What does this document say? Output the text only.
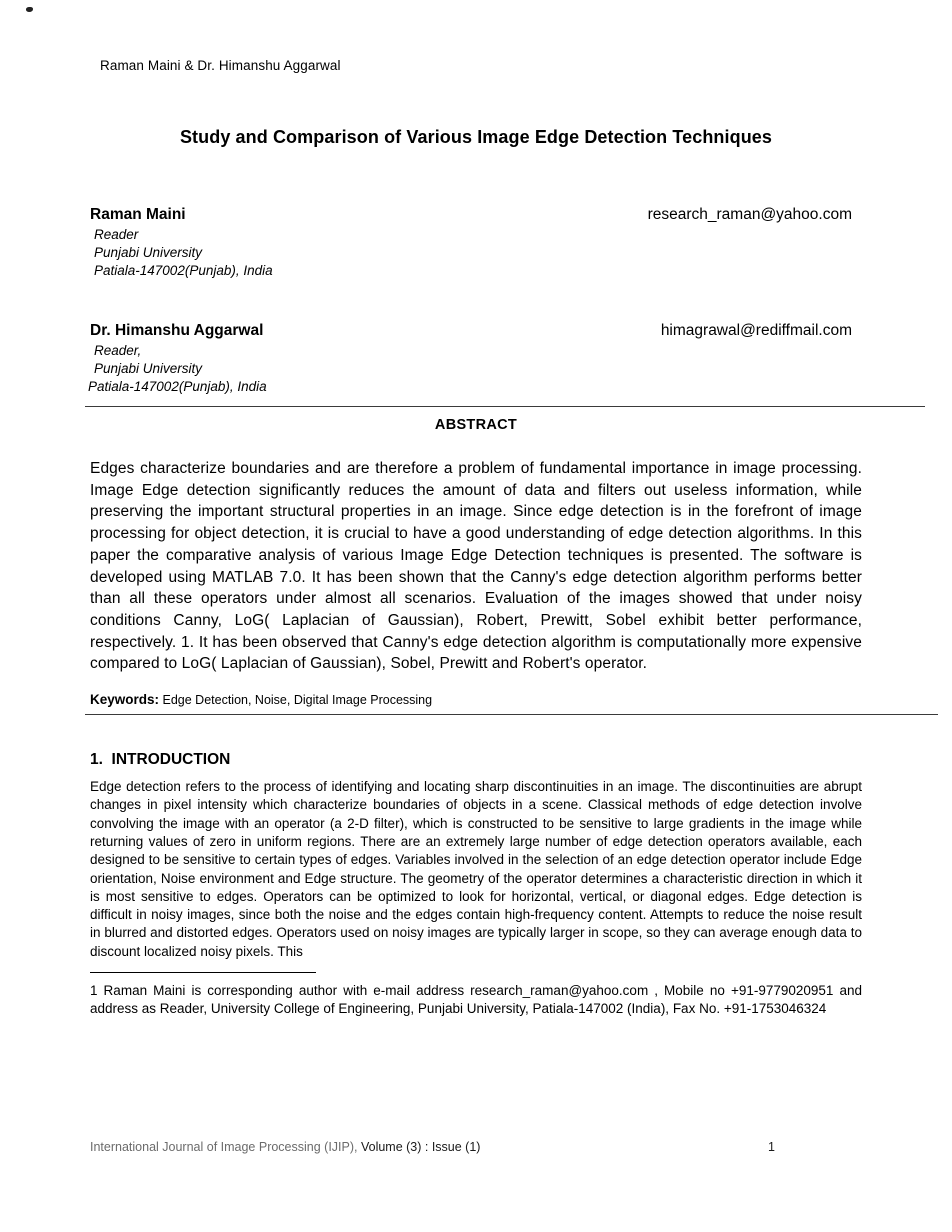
Raman Maini & Dr. Himanshu Aggarwal
Study and Comparison of Various Image Edge Detection Techniques
Raman Maini	research_raman@yahoo.com
Reader
Punjabi University
Patiala-147002(Punjab), India
Dr. Himanshu Aggarwal	himagrawal@rediffmail.com
Reader,
Punjabi University
Patiala-147002(Punjab), India
ABSTRACT

Edges characterize boundaries and are therefore a problem of fundamental importance in image processing. Image Edge detection significantly reduces the amount of data and filters out useless information, while preserving the important structural properties in an image. Since edge detection is in the forefront of image processing for object detection, it is crucial to have a good understanding of edge detection algorithms. In this paper the comparative analysis of various Image Edge Detection techniques is presented. The software is developed using MATLAB 7.0. It has been shown that the Canny's edge detection algorithm performs better than all these operators under almost all scenarios. Evaluation of the images showed that under noisy conditions Canny, LoG( Laplacian of Gaussian), Robert, Prewitt, Sobel exhibit better performance, respectively. 1. It has been observed that Canny's edge detection algorithm is computationally more expensive compared to LoG( Laplacian of Gaussian), Sobel, Prewitt and Robert's operator.

Keywords: Edge Detection, Noise, Digital Image Processing
1.  INTRODUCTION

Edge detection refers to the process of identifying and locating sharp discontinuities in an image. The discontinuities are abrupt changes in pixel intensity which characterize boundaries of objects in a scene. Classical methods of edge detection involve convolving the image with an operator (a 2-D filter), which is constructed to be sensitive to large gradients in the image while returning values of zero in uniform regions. There are an extremely large number of edge detection operators available, each designed to be sensitive to certain types of edges. Variables involved in the selection of an edge detection operator include Edge orientation, Noise environment and Edge structure. The geometry of the operator determines a characteristic direction in which it is most sensitive to edges. Operators can be optimized to look for horizontal, vertical, or diagonal edges. Edge detection is difficult in noisy images, since both the noise and the edges contain high-frequency content. Attempts to reduce the noise result in blurred and distorted edges. Operators used on noisy images are typically larger in scope, so they can average enough data to discount localized noisy pixels. This

1 Raman Maini is corresponding author with e-mail address research_raman@yahoo.com , Mobile no +91-9779020951 and address as Reader, University College of Engineering, Punjabi University, Patiala-147002 (India), Fax No. +91-1753046324

International Journal of Image Processing (IJIP), Volume (3) : Issue (1)	1
